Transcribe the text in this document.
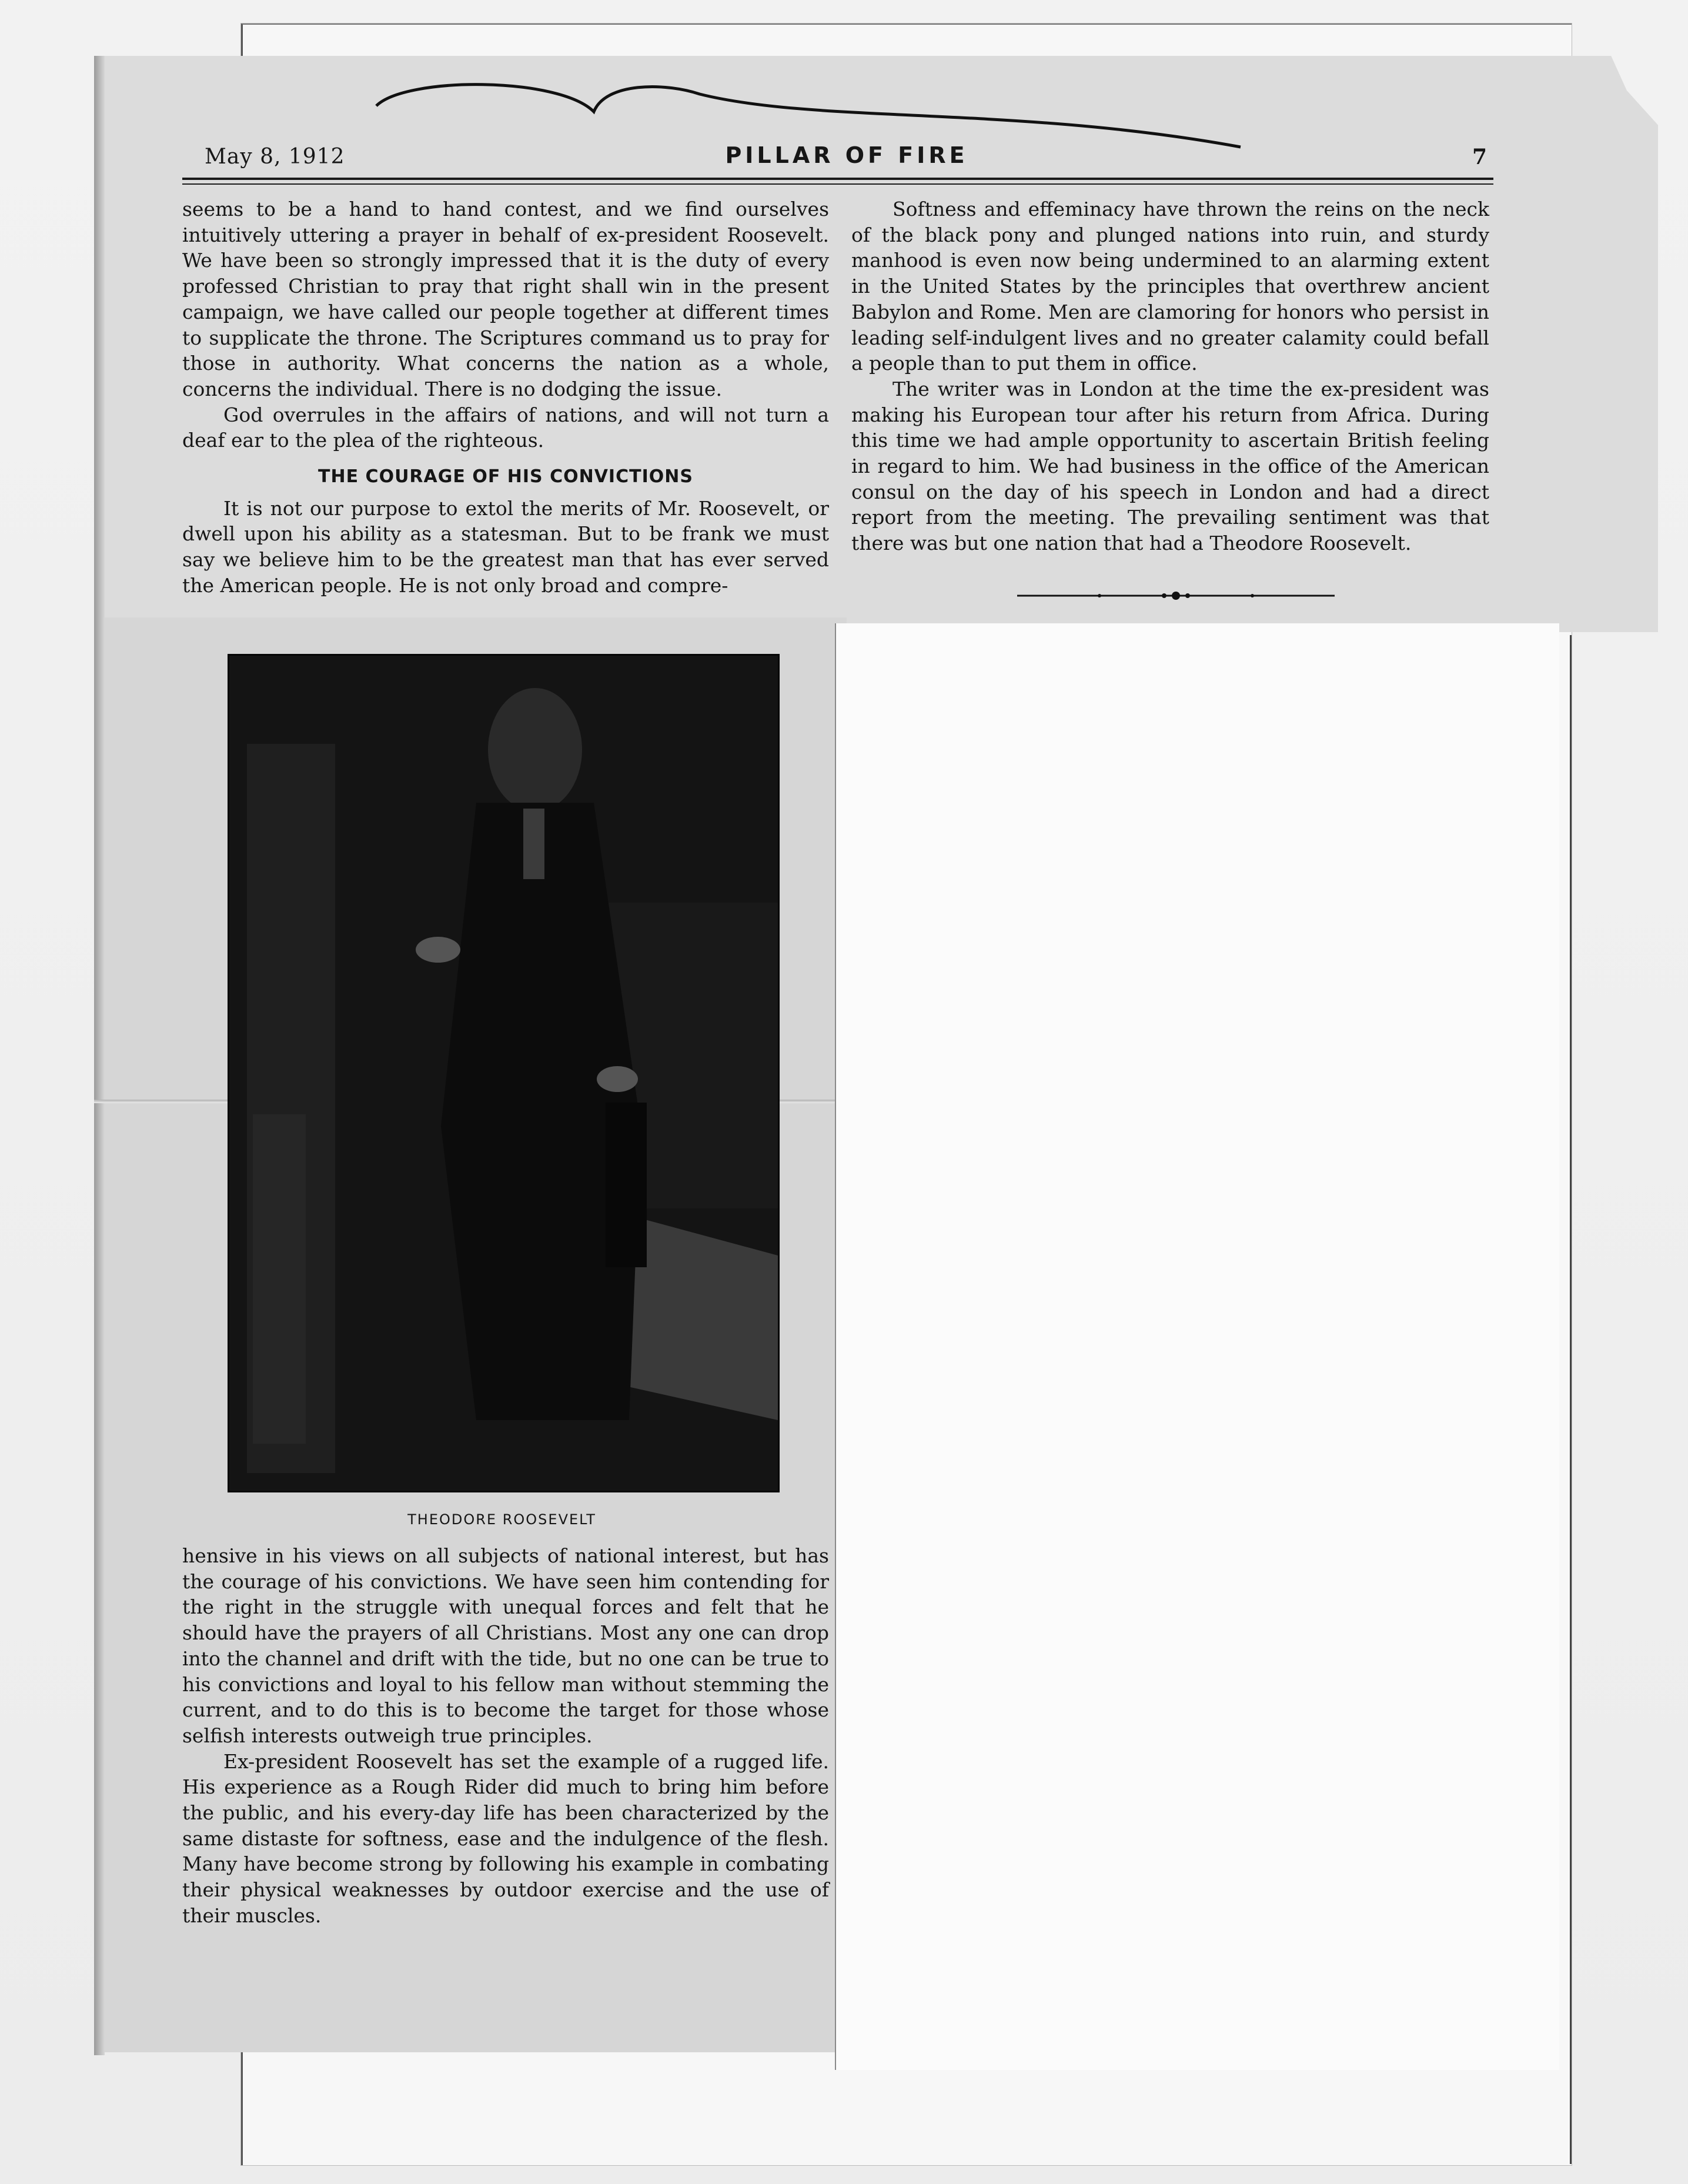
May 8, 1912	PILLAR OF FIRE	7

seems to be a hand to hand contest, and we find ourselves intuitively uttering a prayer in behalf of ex-president Roosevelt. We have been so strongly impressed that it is the duty of every professed Christian to pray that right shall win in the present campaign, we have called our people together at different times to supplicate the throne. The Scriptures command us to pray for those in authority. What concerns the nation as a whole, concerns the individual. There is no dodging the issue.

God overrules in the affairs of nations, and will not turn a deaf ear to the plea of the righteous.

THE COURAGE OF HIS CONVICTIONS

It is not our purpose to extol the merits of Mr. Roosevelt, or dwell upon his ability as a statesman. But to be frank we must say we believe him to be the greatest man that has ever served the American people. He is not only broad and compre-

Softness and effeminacy have thrown the reins on the neck of the black pony and plunged nations into ruin, and sturdy manhood is even now being undermined to an alarming extent in the United States by the principles that overthrew ancient Babylon and Rome. Men are clamoring for honors who persist in leading self-indulgent lives and no greater calamity could befall a people than to put them in office.

The writer was in London at the time the ex-president was making his European tour after his return from Africa. During this time we had ample opportunity to ascertain British feeling in regard to him. We had business in the office of the American consul on the day of his speech in London and had a direct report from the meeting. The prevailing sentiment was that there was but one nation that had a Theodore Roosevelt.

THEODORE ROOSEVELT

hensive in his views on all subjects of national interest, but has the courage of his convictions. We have seen him contending for the right in the struggle with unequal forces and felt that he should have the prayers of all Christians. Most any one can drop into the channel and drift with the tide, but no one can be true to his convictions and loyal to his fellow man without stemming the current, and to do this is to become the target for those whose selfish interests outweigh true principles.

Ex-president Roosevelt has set the example of a rugged life. His experience as a Rough Rider did much to bring him before the public, and his every-day life has been characterized by the same distaste for softness, ease and the indulgence of the flesh. Many have become strong by following his example in combating their physical weaknesses by outdoor exercise and the use of their muscles.
